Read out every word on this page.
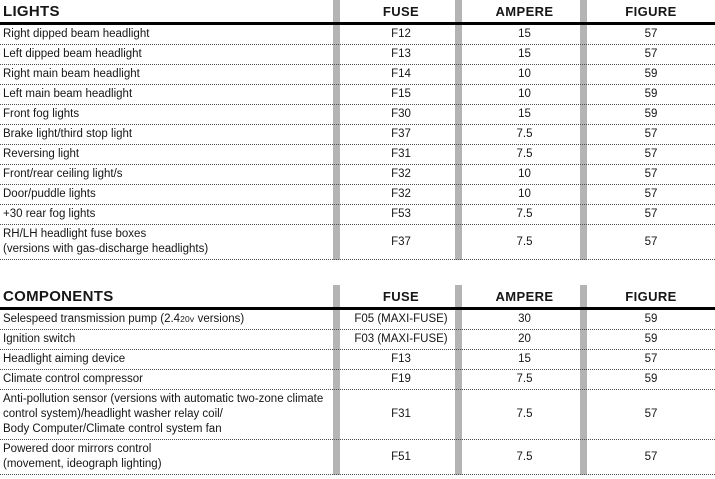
LIGHTS	FUSE	AMPERE	FIGURE
Right dipped beam headlight	F12	15	57
Left dipped beam headlight	F13	15	57
Right main beam headlight	F14	10	59
Left main beam headlight	F15	10	59
Front fog lights	F30	15	59
Brake light/third stop light	F37	7.5	57
Reversing light	F31	7.5	57
Front/rear ceiling light/s	F32	10	57
Door/puddle lights	F32	10	57
+30 rear fog lights	F53	7.5	57
RH/LH headlight fuse boxes
(versions with gas-discharge headlights)
F37	7.5	57
COMPONENTS	FUSE	AMPERE	FIGURE
Selespeed transmission pump (2.420v versions)	F05 (MAXI-FUSE)	30	59
Ignition switch	F03 (MAXI-FUSE)	20	59
Headlight aiming device	F13	15	57
Climate control compressor	F19	7.5	59
Anti-pollution sensor (versions with automatic two-zone climate
control system)/headlight washer relay coil/
Body Computer/Climate control system fan
F31	7.5	57
Powered door mirrors control
(movement, ideograph lighting)
F51	7.5	57
